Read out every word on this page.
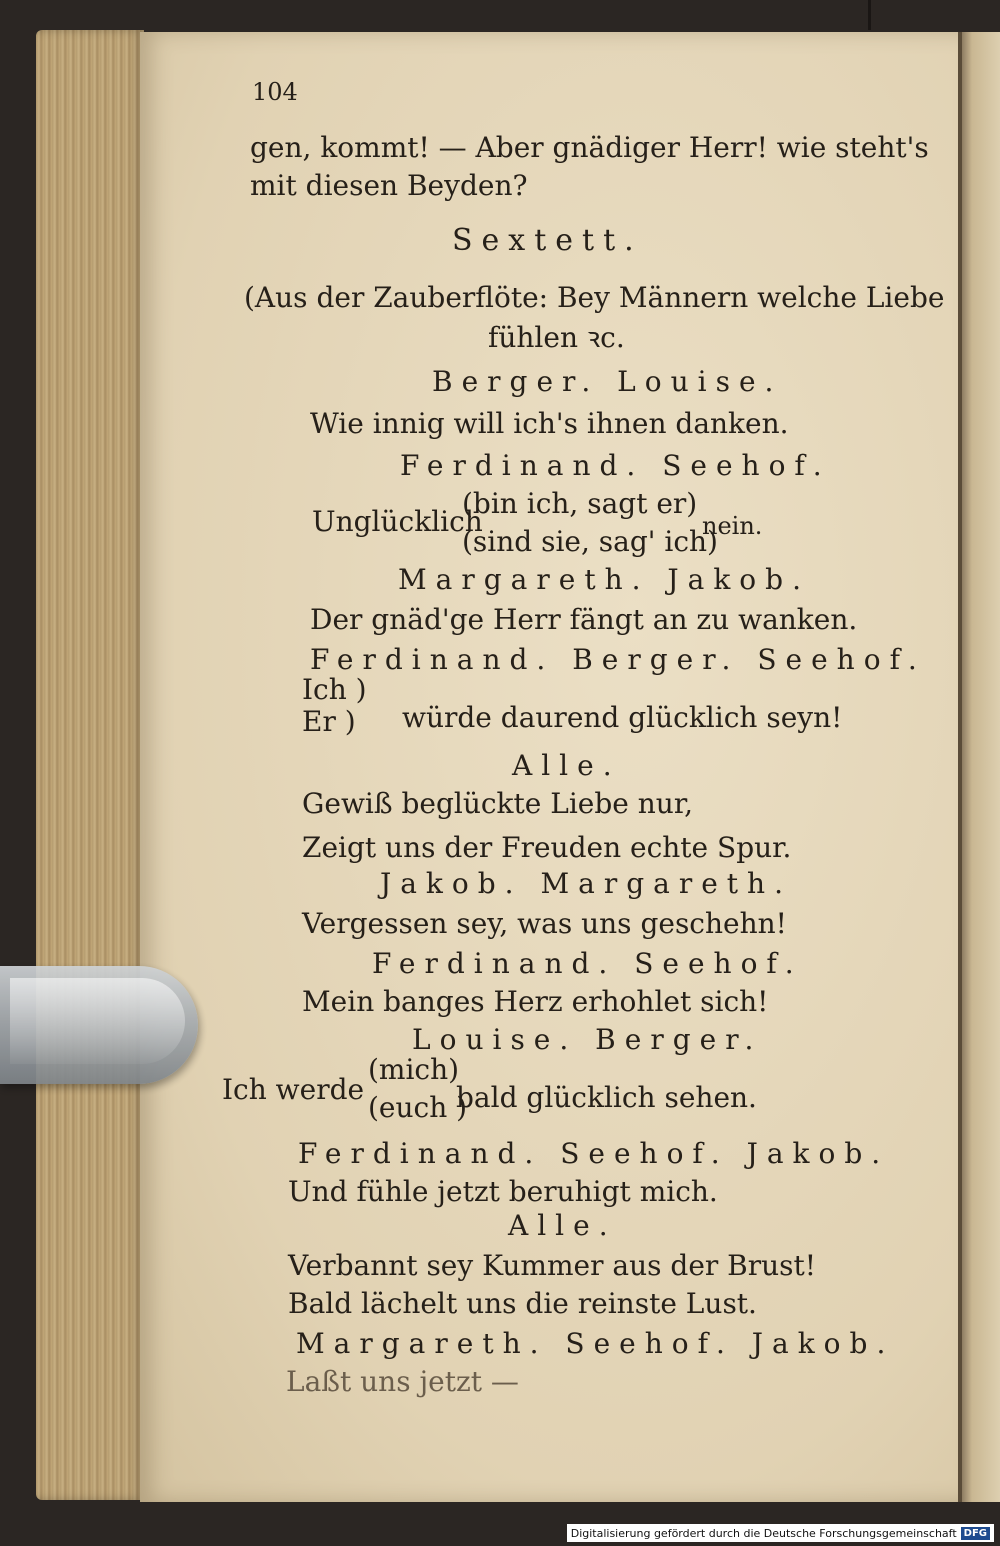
104
gen, kommt! — Aber gnädiger Herr! wie steht's
mit diesen Beyden?
Sextett.
(Aus der Zauberflöte: Bey Männern welche Liebe
fühlen ꝛc.
Berger. Louise.
Wie innig will ich's ihnen danken.
Ferdinand. Seehof.
Unglücklich
(bin ich, sagt er)
(sind sie, sag' ich)
nein.
Margareth. Jakob.
Der gnäd'ge Herr fängt an zu wanken.
Ferdinand. Berger. Seehof.
Ich )
Er ) würde daurend glücklich seyn!
Alle.
Gewiß beglückte Liebe nur,
Zeigt uns der Freuden echte Spur.
Jakob. Margareth.
Vergessen sey, was uns geschehn!
Ferdinand. Seehof.
Mein banges Herz erhohlet sich!
Louise. Berger.
Ich werde
(mich)
(euch )
bald glücklich sehen.
Ferdinand. Seehof. Jakob.
Und fühle jetzt beruhigt mich.
Alle.
Verbannt sey Kummer aus der Brust!
Bald lächelt uns die reinste Lust.
Margareth. Seehof. Jakob.
Laßt uns jetzt —
Digitalisierung gefördert durch die Deutsche Forschungsgemeinschaft DFG
